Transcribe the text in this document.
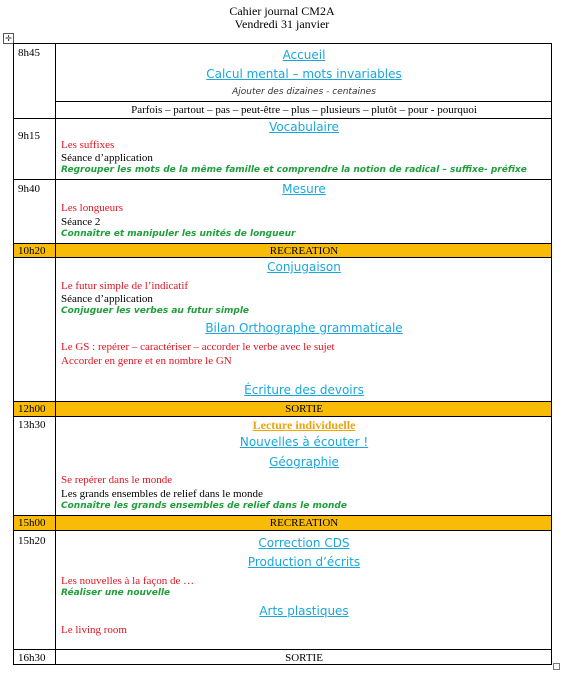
Cahier journal CM2A
Vendredi 31 janvier
✛
8h45
9h15
9h40
10h20
12h00
13h30
15h00
15h20
16h30
Accueil
Calcul mental – mots invariables
Ajouter des dizaines - centaines
Parfois – partout – pas – peut-être – plus – plusieurs – plutôt – pour - pourquoi
Vocabulaire
Les suffixes
Séance d’application
Regrouper les mots de la même famille et comprendre la notion de radical – suffixe- préfixe
Mesure
Les longueurs
Séance 2
Connaître et manipuler les unités de longueur
RECREATION
Conjugaison
Le futur simple de l’indicatif
Séance d’application
Conjuguer les verbes au futur simple
Bilan Orthographe grammaticale
Le GS : repérer – caractériser – accorder le verbe avec le sujet
Accorder en genre et en nombre le GN
Écriture des devoirs
SORTIE
Lecture individuelle
Nouvelles à écouter !
Géographie
Se repérer dans le monde
Les grands ensembles de relief dans le monde
Connaître les grands ensembles de relief dans le monde
RECREATION
Correction CDS
Production d’écrits
Les nouvelles à la façon de …
Réaliser une nouvelle
Arts plastiques
Le living room
SORTIE
